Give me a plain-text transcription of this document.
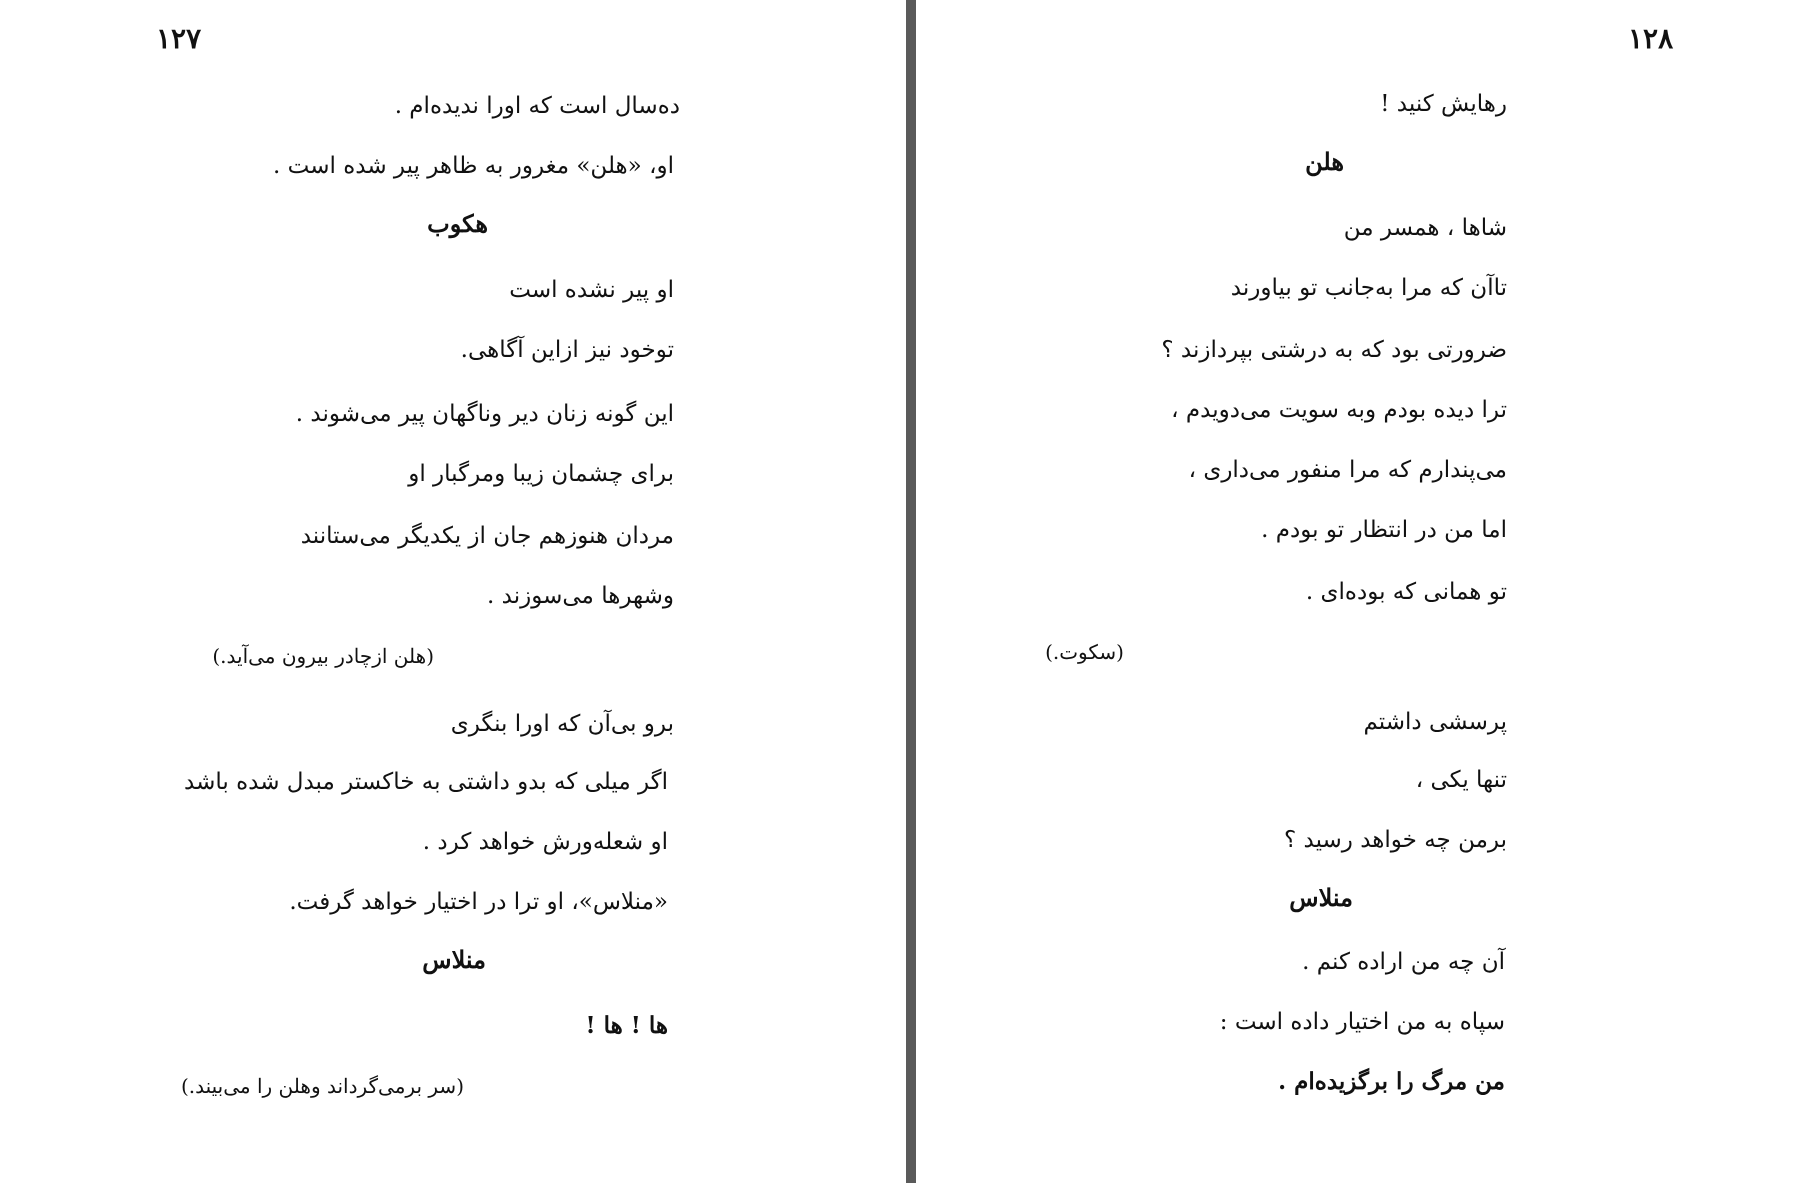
۱۲۷
ده‌سال است که اورا ندیده‌ام .
او، «هلن» مغرور به ظاهر پیر شده است .
هکوب
او پیر نشده است
توخود نیز ازاین آگاهی.
این گونه زنان دیر وناگهان پیر می‌شوند .
برای چشمان زیبا ومرگبار او
مردان هنوزهم جان از یکدیگر می‌ستانند
وشهرها می‌سوزند .
(هلن ازچادر بیرون می‌آید.)
برو بی‌آن که اورا بنگری
اگر میلی که بدو داشتی به خاکستر مبدل شده باشد
او شعله‌ورش خواهد کرد .
«منلاس»، او ترا در اختیار خواهد گرفت.
منلاس
ها ! ها !
(سر برمی‌گرداند وهلن را می‌بیند.)
۱۲۸
رهایش کنید !
هلن
شاها ، همسر من
تاآن که مرا به‌جانب تو بیاورند
ضرورتی بود که به درشتی بپردازند ؟
ترا دیده بودم وبه سویت می‌دویدم ،
می‌پندارم که مرا منفور می‌داری ،
اما من در انتظار تو بودم .
تو همانی که بوده‌ای .
(سکوت.)
پرسشی داشتم
تنها یکی ،
برمن چه خواهد رسید ؟
منلاس
آن چه من اراده کنم .
سپاه به من اختیار داده است :
من مرگ را برگزیده‌ام .
